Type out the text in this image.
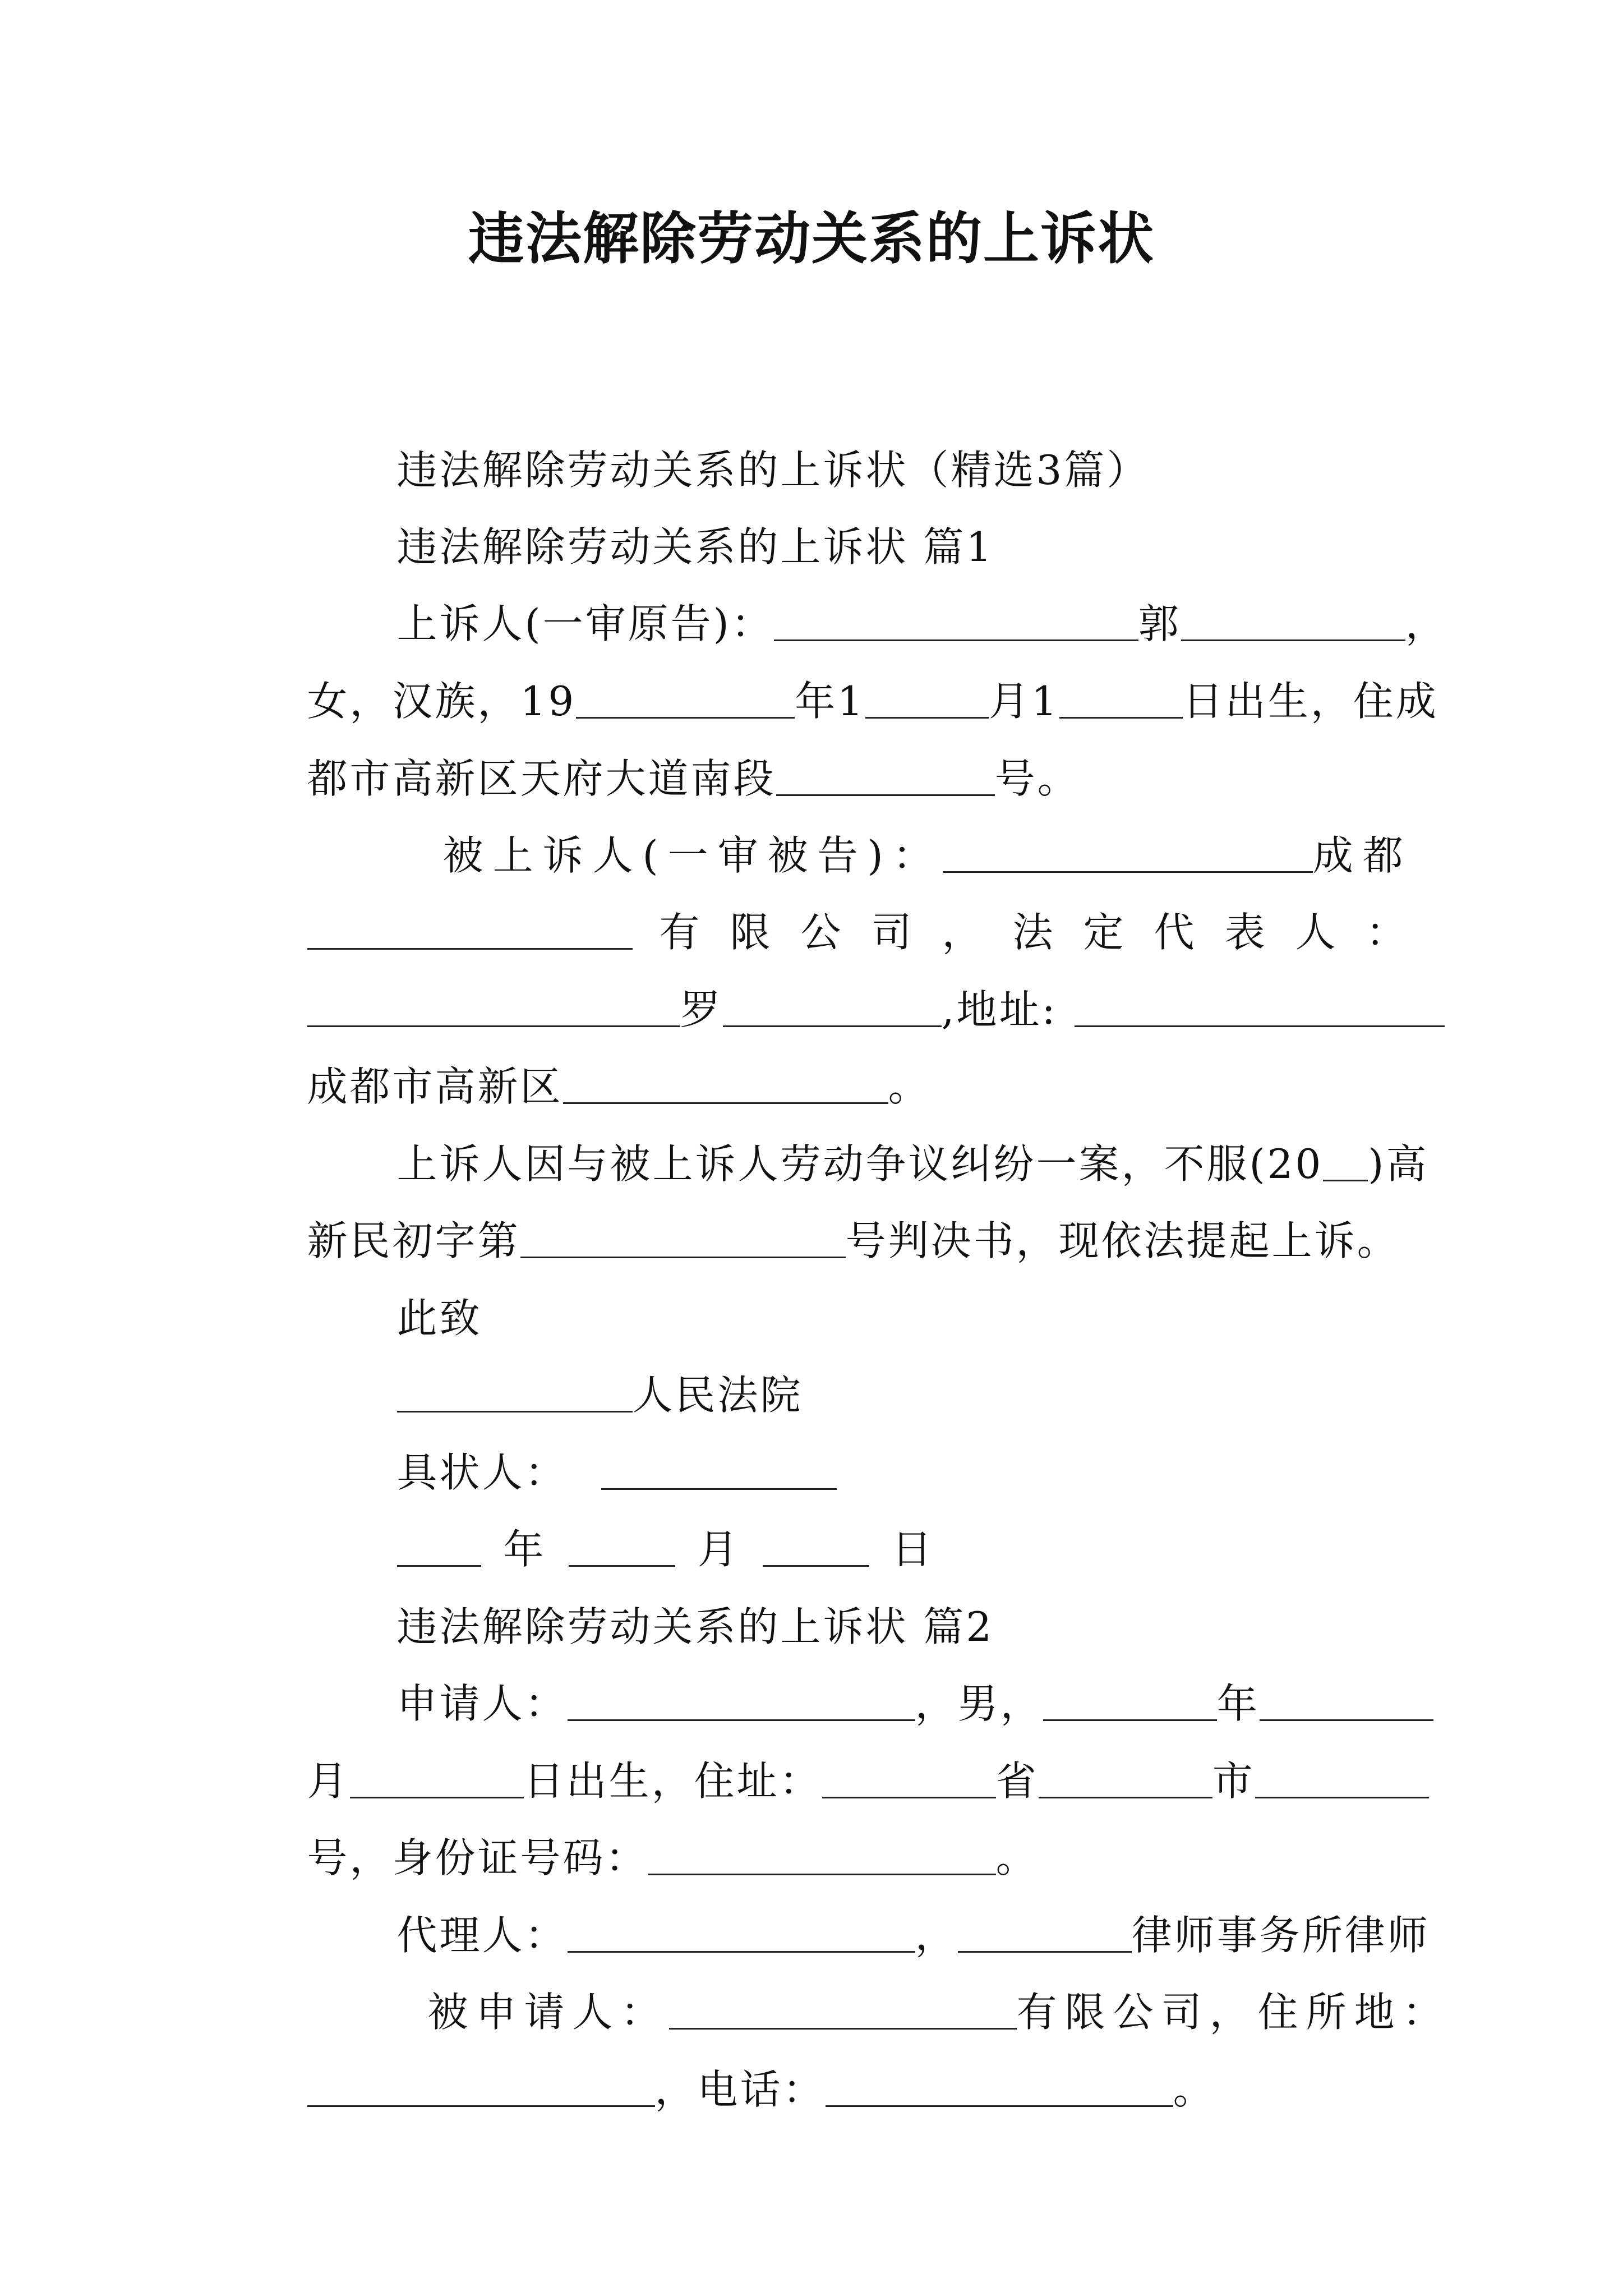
违法解除劳动关系的上诉状

违法解除劳动关系的上诉状（精选3篇）

违法解除劳动关系的上诉状 篇1

上诉人(一审原告)：	郭	，

女，汉族，19	年1	月1	日出生，住成

都市高新区天府大道南段	号。

被上诉人(一审被告)：	成都

有限公司，法定代表人：

罗	,地址:

成都市高新区	。

上诉人因与被上诉人劳动争议纠纷一案，不服(20 )高

新民初字第	号判决书，现依法提起上诉。

此致

人民法院

具状人：

年	月	日

违法解除劳动关系的上诉状 篇2

申请人：	，男，	年

月	日出生，住址：	省	市

号，身份证号码：	。

代理人：	，	律师事务所律师

被申请人：	有限公司，住所地：

，电话：	。
